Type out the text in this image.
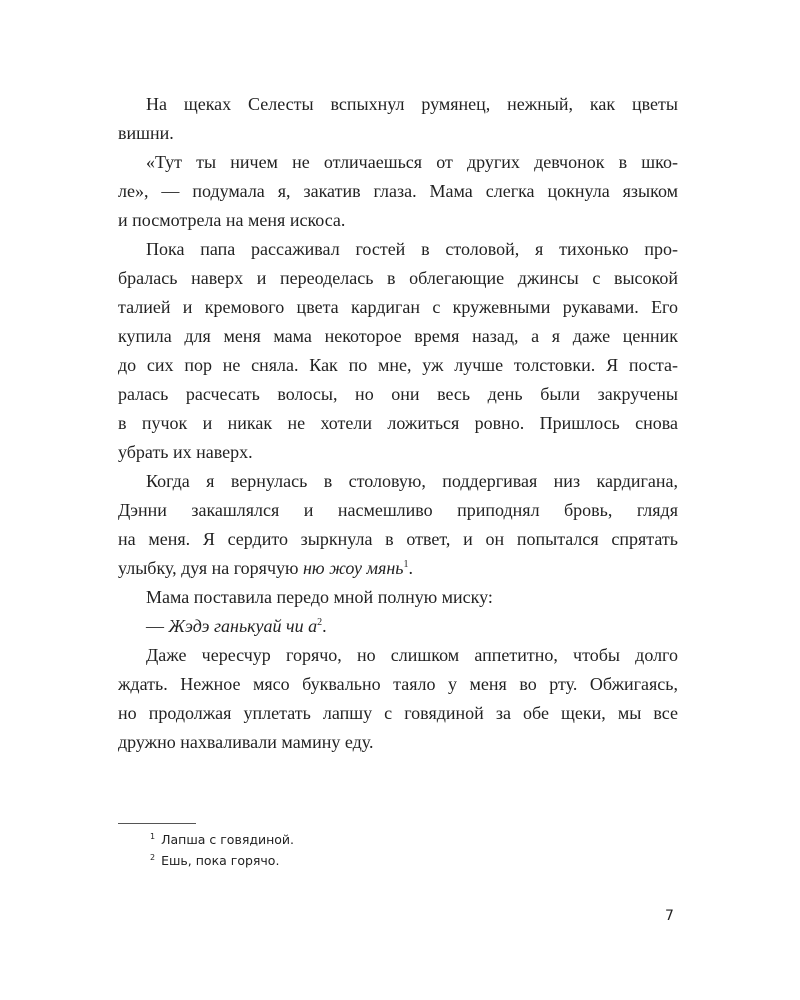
На щеках Селесты вспыхнул румянец, нежный, как цветы
вишни.
«Тут ты ничем не отличаешься от других девчонок в шко-
ле», — подумала я, закатив глаза. Мама слегка цокнула языком
и посмотрела на меня искоса.
Пока папа рассаживал гостей в столовой, я тихонько про-
бралась наверх и переоделась в облегающие джинсы с высокой
талией и кремового цвета кардиган с кружевными рукавами. Его
купила для меня мама некоторое время назад, а я даже ценник
до сих пор не сняла. Как по мне, уж лучше толстовки. Я поста-
ралась расчесать волосы, но они весь день были закручены
в пучок и никак не хотели ложиться ровно. Пришлось снова
убрать их наверх.
Когда я вернулась в столовую, поддергивая низ кардигана,
Дэнни закашлялся и насмешливо приподнял бровь, глядя
на меня. Я сердито зыркнула в ответ, и он попытался спрятать
улыбку, дуя на горячую ню жоу мянь$^1$.
Мама поставила передо мной полную миску:
— Жэдэ ганькуай чи $а^2$.
Даже чересчур горячо, но слишком аппетитно, чтобы долго
ждать. Нежное мясо буквально таяло у меня во рту. Обжигаясь,
но продолжая уплетать лапшу с говядиной за обе щеки, мы все
дружно нахваливали мамину еду.
$^1$ Лапша с говядиной.
$^2$ Ешь, пока горячо.
7
